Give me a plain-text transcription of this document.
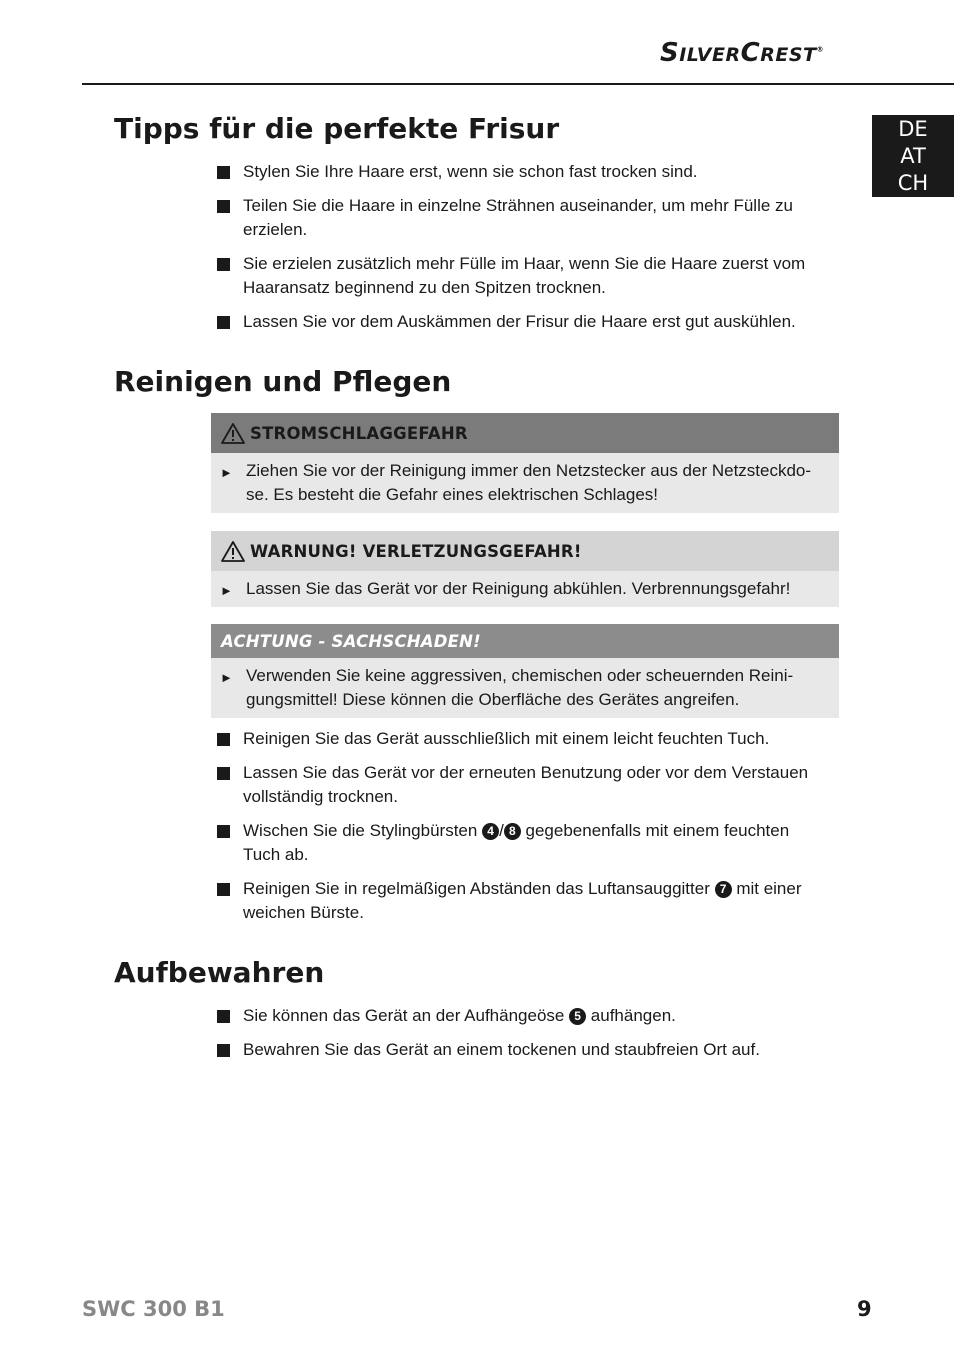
SILVERCREST®
DE
AT
CH
Tipps für die perfekte Frisur
Stylen Sie Ihre Haare erst, wenn sie schon fast trocken sind.
Teilen Sie die Haare in einzelne Strähnen auseinander, um mehr Fülle zu erzielen.
Sie erzielen zusätzlich mehr Fülle im Haar, wenn Sie die Haare zuerst vom Haaransatz beginnend zu den Spitzen trocknen.
Lassen Sie vor dem Auskämmen der Frisur die Haare erst gut auskühlen.
Reinigen und Pflegen
STROMSCHLAGGEFAHR
► Ziehen Sie vor der Reinigung immer den Netzstecker aus der Netzsteckdo-se. Es besteht die Gefahr eines elektrischen Schlages!
WARNUNG! VERLETZUNGSGEFAHR!
► Lassen Sie das Gerät vor der Reinigung abkühlen. Verbrennungsgefahr!
ACHTUNG - SACHSCHADEN!
► Verwenden Sie keine aggressiven, chemischen oder scheuernden Reini-gungsmittel! Diese können die Oberfläche des Gerätes angreifen.
Reinigen Sie das Gerät ausschließlich mit einem leicht feuchten Tuch.
Lassen Sie das Gerät vor der erneuten Benutzung oder vor dem Verstauen vollständig trocknen.
Wischen Sie die Stylingbürsten 4 / 8 gegebenenfalls mit einem feuchten Tuch ab.
Reinigen Sie in regelmäßigen Abständen das Luftansauggitter 7 mit einer weichen Bürste.
Aufbewahren
Sie können das Gerät an der Aufhängeöse 5 aufhängen.
Bewahren Sie das Gerät an einem tockenen und staubfreien Ort auf.
SWC 300 B1	9
